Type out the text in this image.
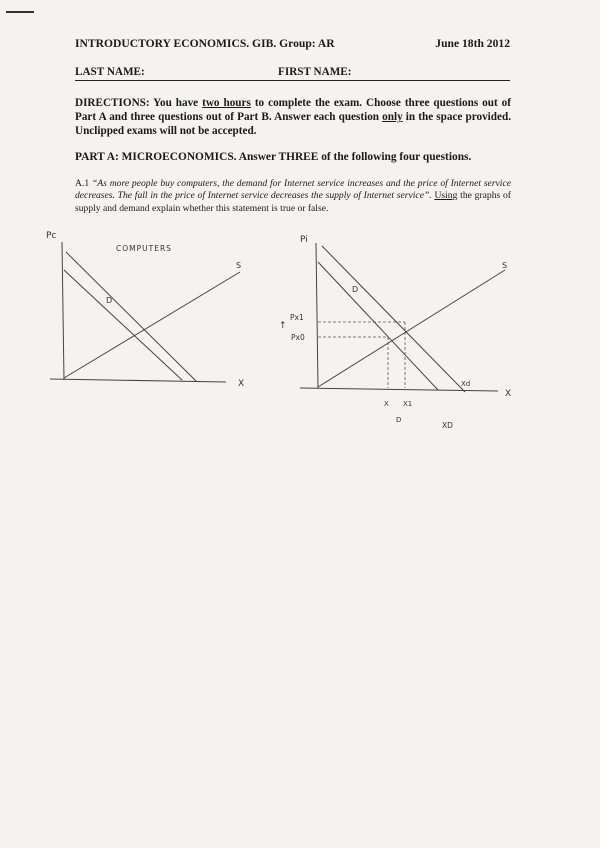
INTRODUCTORY ECONOMICS. GIB. Group: AR	June 18th 2012
LAST NAME:	FIRST NAME:
DIRECTIONS: You have two hours to complete the exam. Choose three questions out of Part A and three questions out of Part B. Answer each question only in the space provided. Unclipped exams will not be accepted.
PART A: MICROECONOMICS. Answer THREE of the following four questions.
A.1 “As more people buy computers, the demand for Internet service increases and the price of Internet service decreases. The fall in the price of Internet service decreases the supply of Internet service”. Using the graphs of supply and demand explain whether this statement is true or false.
Pc
X
COMPUTERS
S
D
Pi
X
S
D
Px1
Px0
↑
X X1
D
XD
Xd
